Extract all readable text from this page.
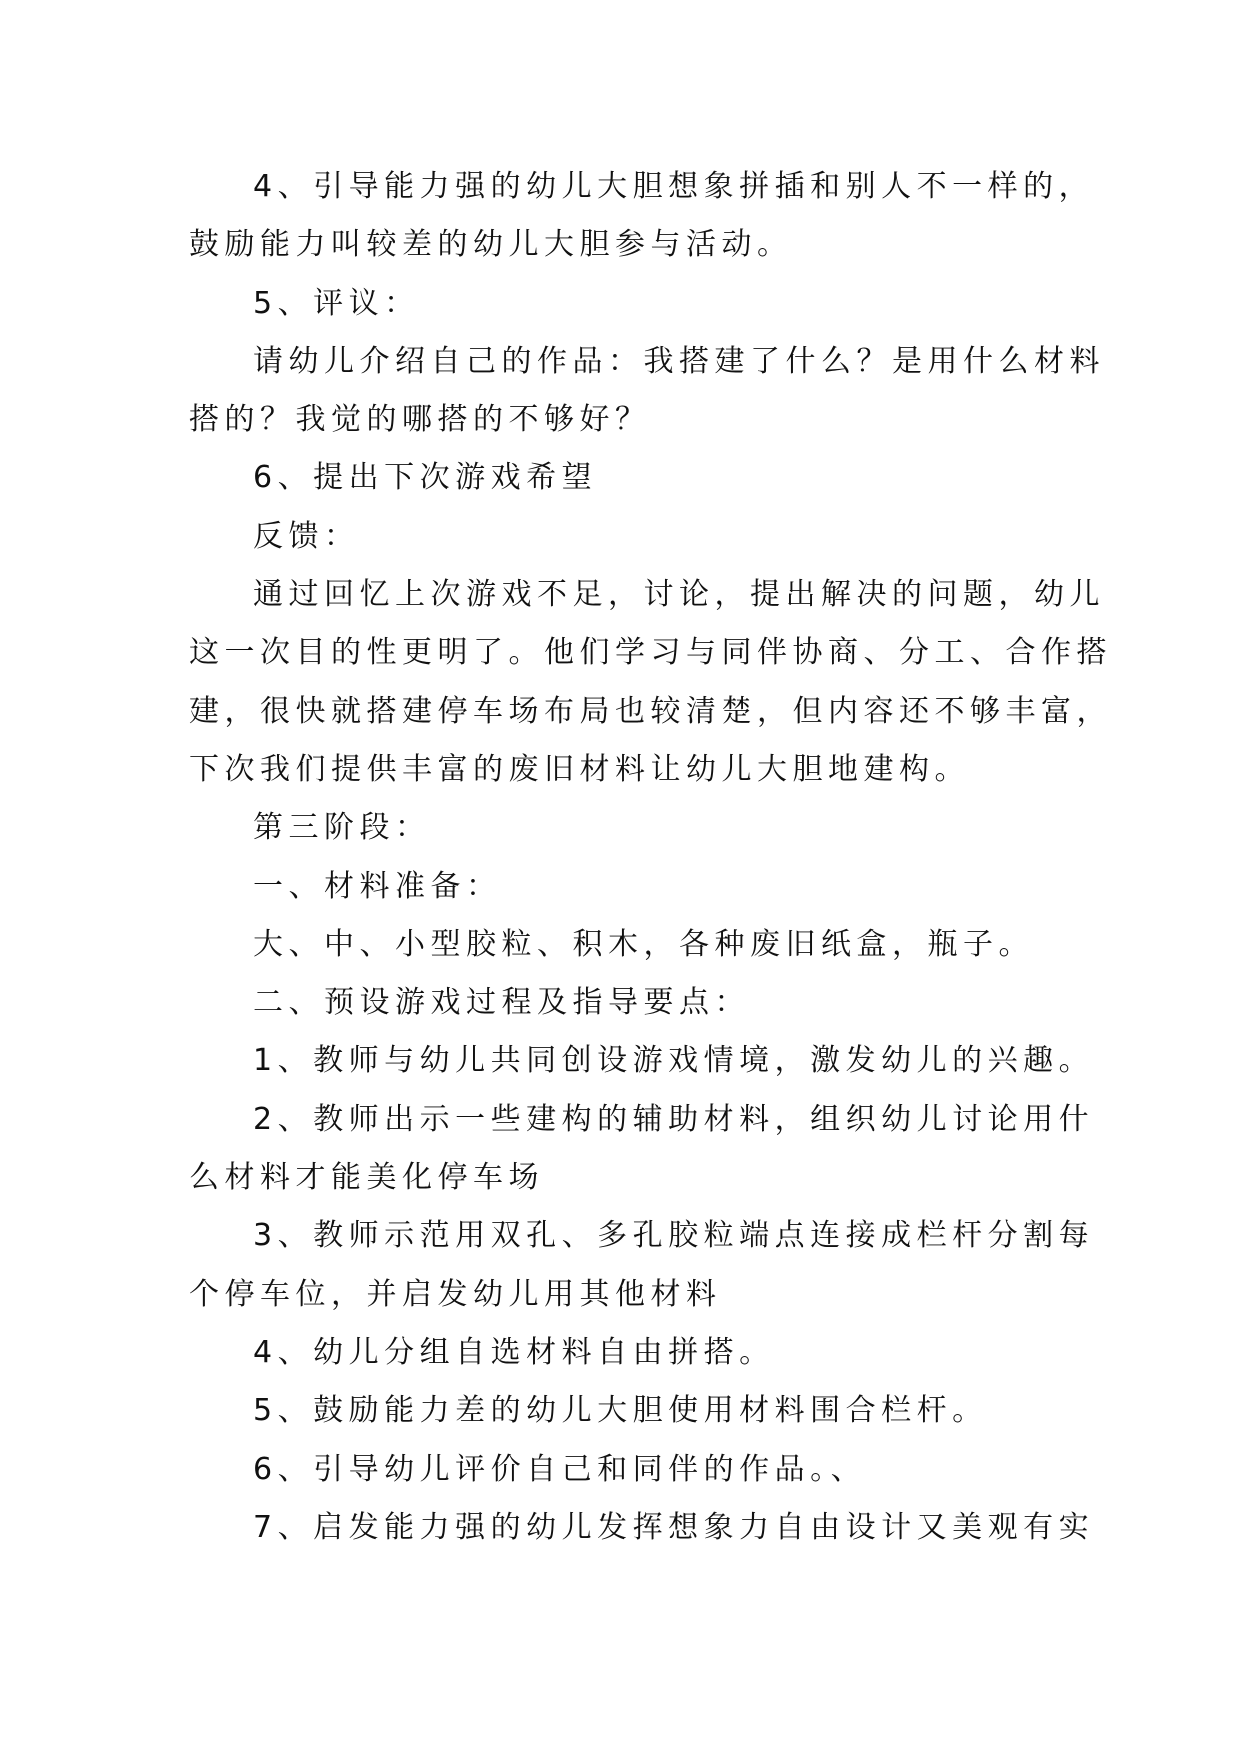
4、引导能力强的幼儿大胆想象拼插和别人不一样的，
鼓励能力叫较差的幼儿大胆参与活动。
5、评议：
请幼儿介绍自己的作品：我搭建了什么？是用什么材料
搭的？我觉的哪搭的不够好？
6、提出下次游戏希望
反馈：
通过回忆上次游戏不足，讨论，提出解决的问题，幼儿
这一次目的性更明了。他们学习与同伴协商、分工、合作搭
建，很快就搭建停车场布局也较清楚，但内容还不够丰富，
下次我们提供丰富的废旧材料让幼儿大胆地建构。
第三阶段：
一、材料准备：
大、中、小型胶粒、积木，各种废旧纸盒，瓶子。
二、预设游戏过程及指导要点：
1、教师与幼儿共同创设游戏情境，激发幼儿的兴趣。
2、教师出示一些建构的辅助材料，组织幼儿讨论用什
么材料才能美化停车场
3、教师示范用双孔、多孔胶粒端点连接成栏杆分割每
个停车位，并启发幼儿用其他材料
4、幼儿分组自选材料自由拼搭。
5、鼓励能力差的幼儿大胆使用材料围合栏杆。
6、引导幼儿评价自己和同伴的作品。、
7、启发能力强的幼儿发挥想象力自由设计又美观有实
